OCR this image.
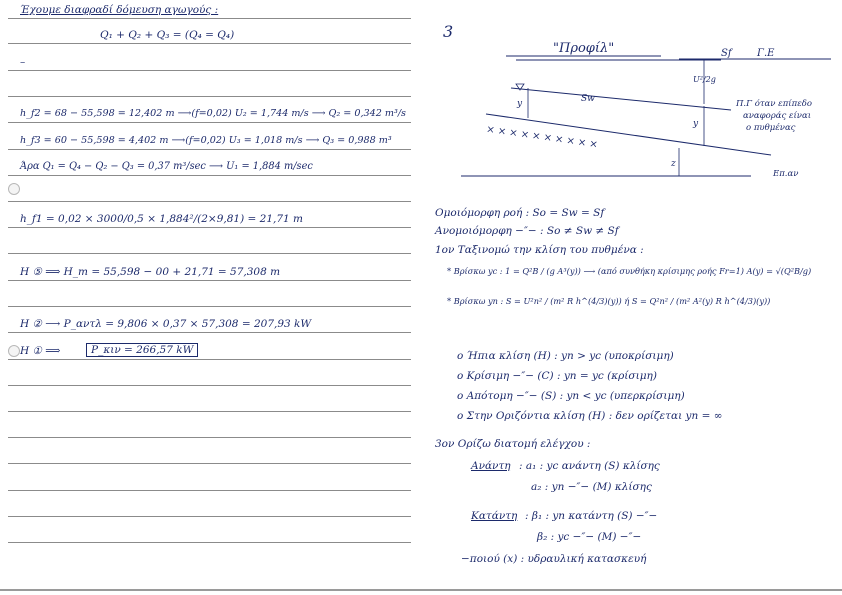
Έχουμε διαφραδί δόμευση αγωγούς :
Q₁ + Q₂ + Q₃ = (Q₄ = Q₄)
–
h_f2 = 68 − 55,598 = 12,402 m ⟶(f=0,02) U₂ = 1,744 m/s ⟶ Q₂ = 0,342 m³/s
h_f3 = 60 − 55,598 = 4,402 m ⟶(f=0,02) U₃ = 1,018 m/s ⟶ Q₃ = 0,988 m³
Άρα Q₁ = Q₄ − Q₂ − Q₃ = 0,37 m³/sec ⟶ U₁ = 1,884 m/sec
h_f1 = 0,02 × 3000/0,5 × 1,884²/(2×9,81) = 21,71 m
H ⑤ ⟹ H_m = 55,598 − 00 + 21,71 = 57,308 m
H ② ⟶ P_αντλ = 9,806 × 0,37 × 57,308 = 207,93 kW
H ① ⟹	P_κιν = 266,57 kW
3
"Προφίλ"	Sf	Γ.Ε
Sw
U²/2g
× × × × × × × × × ×
y
y
z
Π.Γ όταν επίπεδο
αναφοράς είναι
ο πυθμένας
Επ.αν
Ομοιόμορφη ροή : So = Sw = Sf
Ανομοιόμορφη −″− : So ≠ Sw ≠ Sf
1ον Ταξινομώ την κλίση του πυθμένα :
* Βρίσκω yc : 1 = Q²B / (g A³(y)) ⟶ (από συνθήκη κρίσιμης ροής Fr=1) A(y) = √(Q²B/g)
* Βρίσκω yn : S = U²n² / (m² R h^(4/3)(y)) ή S = Q²n² / (m² A²(y) R h^(4/3)(y))
o Ήπια κλίση (H) : yn > yc (υποκρίσιμη)
o Κρίσιμη −″− (C) : yn = yc (κρίσιμη)
o Απότομη −″− (S) : yn < yc (υπερκρίσιμη)
o Στην Οριζόντια κλίση (H) : δεν ορίζεται yn = ∞
3ον Ορίζω διατομή ελέγχου :
Ανάντη : a₁ : yc ανάντη (S) κλίσης
a₂ : yn −″− (M) κλίσης
Κατάντη : β₁ : yn κατάντη (S) −″−
β₂ : yc −″− (M) −″−
−ποιού (x) : υδραυλική κατασκευή
